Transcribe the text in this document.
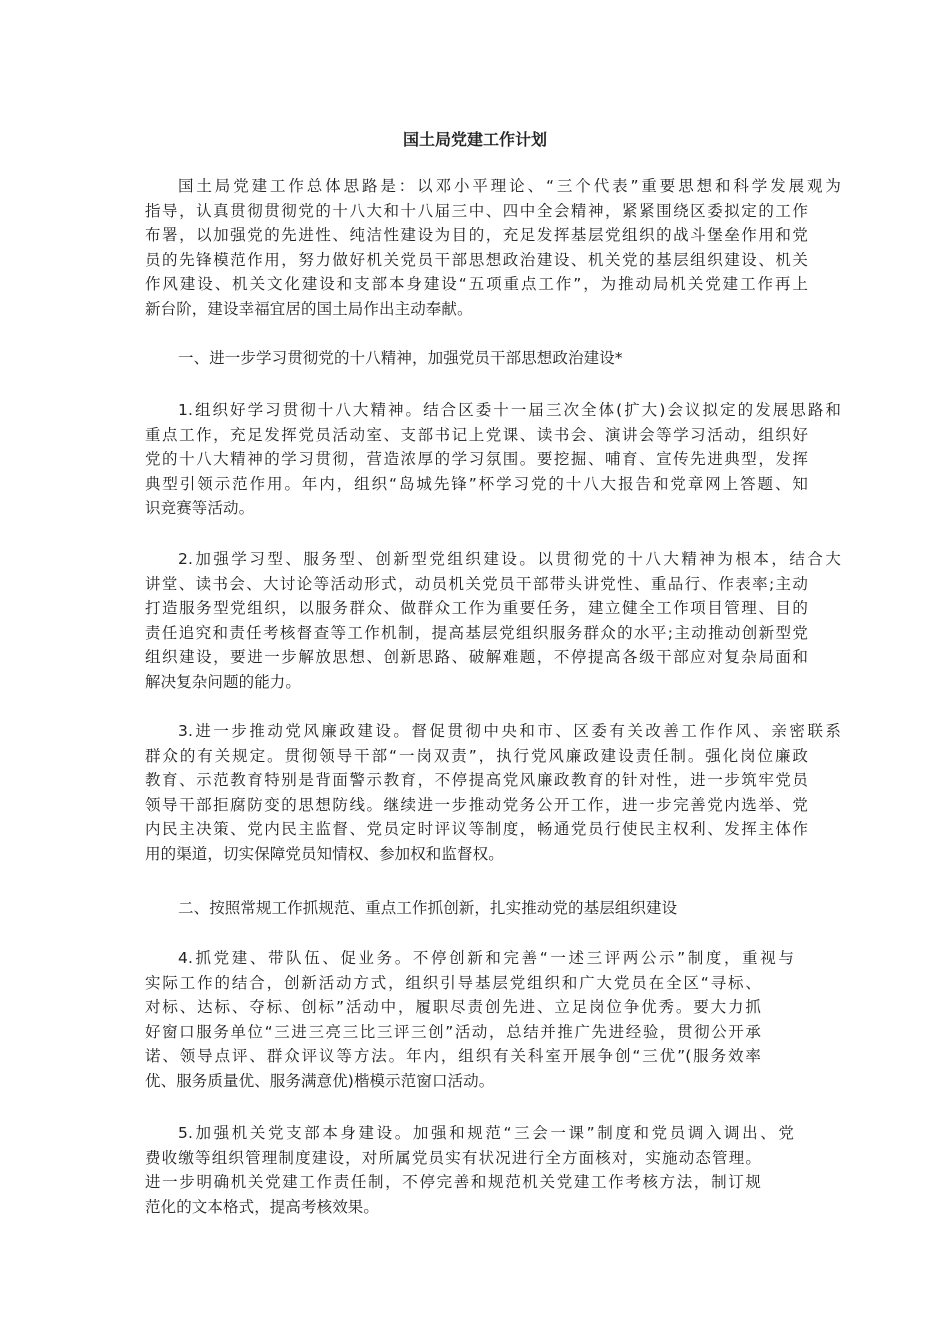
国土局党建工作计划
国土局党建工作总体思路是：以邓小平理论、“三个代表”重要思想和科学发展观为
指导，认真贯彻贯彻党的十八大和十八届三中、四中全会精神，紧紧围绕区委拟定的工作
布署，以加强党的先进性、纯洁性建设为目的，充足发挥基层党组织的战斗堡垒作用和党
员的先锋模范作用，努力做好机关党员干部思想政治建设、机关党的基层组织建设、机关
作风建设、机关文化建设和支部本身建设“五项重点工作”，为推动局机关党建工作再上
新台阶，建设幸福宜居的国土局作出主动奉献。
一、进一步学习贯彻党的十八精神，加强党员干部思想政治建设*
1.组织好学习贯彻十八大精神。结合区委十一届三次全体(扩大)会议拟定的发展思路和
重点工作，充足发挥党员活动室、支部书记上党课、读书会、演讲会等学习活动，组织好
党的十八大精神的学习贯彻，营造浓厚的学习氛围。要挖掘、哺育、宣传先进典型，发挥
典型引领示范作用。年内，组织“岛城先锋”杯学习党的十八大报告和党章网上答题、知
识竞赛等活动。
2.加强学习型、服务型、创新型党组织建设。以贯彻党的十八大精神为根本，结合大
讲堂、读书会、大讨论等活动形式，动员机关党员干部带头讲党性、重品行、作表率;主动
打造服务型党组织，以服务群众、做群众工作为重要任务，建立健全工作项目管理、目的
责任追究和责任考核督查等工作机制，提高基层党组织服务群众的水平;主动推动创新型党
组织建设，要进一步解放思想、创新思路、破解难题，不停提高各级干部应对复杂局面和
解决复杂问题的能力。
3.进一步推动党风廉政建设。督促贯彻中央和市、区委有关改善工作作风、亲密联系
群众的有关规定。贯彻领导干部“一岗双责”，执行党风廉政建设责任制。强化岗位廉政
教育、示范教育特别是背面警示教育，不停提高党风廉政教育的针对性，进一步筑牢党员
领导干部拒腐防变的思想防线。继续进一步推动党务公开工作，进一步完善党内选举、党
内民主决策、党内民主监督、党员定时评议等制度，畅通党员行使民主权利、发挥主体作
用的渠道，切实保障党员知情权、参加权和监督权。
二、按照常规工作抓规范、重点工作抓创新，扎实推动党的基层组织建设
4.抓党建、带队伍、促业务。不停创新和完善“一述三评两公示”制度，重视与
实际工作的结合，创新活动方式，组织引导基层党组织和广大党员在全区“寻标、
对标、达标、夺标、创标”活动中，履职尽责创先进、立足岗位争优秀。要大力抓
好窗口服务单位“三进三亮三比三评三创”活动，总结并推广先进经验，贯彻公开承
诺、领导点评、群众评议等方法。年内，组织有关科室开展争创“三优”(服务效率
优、服务质量优、服务满意优)楷模示范窗口活动。
5.加强机关党支部本身建设。加强和规范“三会一课”制度和党员调入调出、党
费收缴等组织管理制度建设，对所属党员实有状况进行全方面核对，实施动态管理。
进一步明确机关党建工作责任制，不停完善和规范机关党建工作考核方法，制订规
范化的文本格式，提高考核效果。
